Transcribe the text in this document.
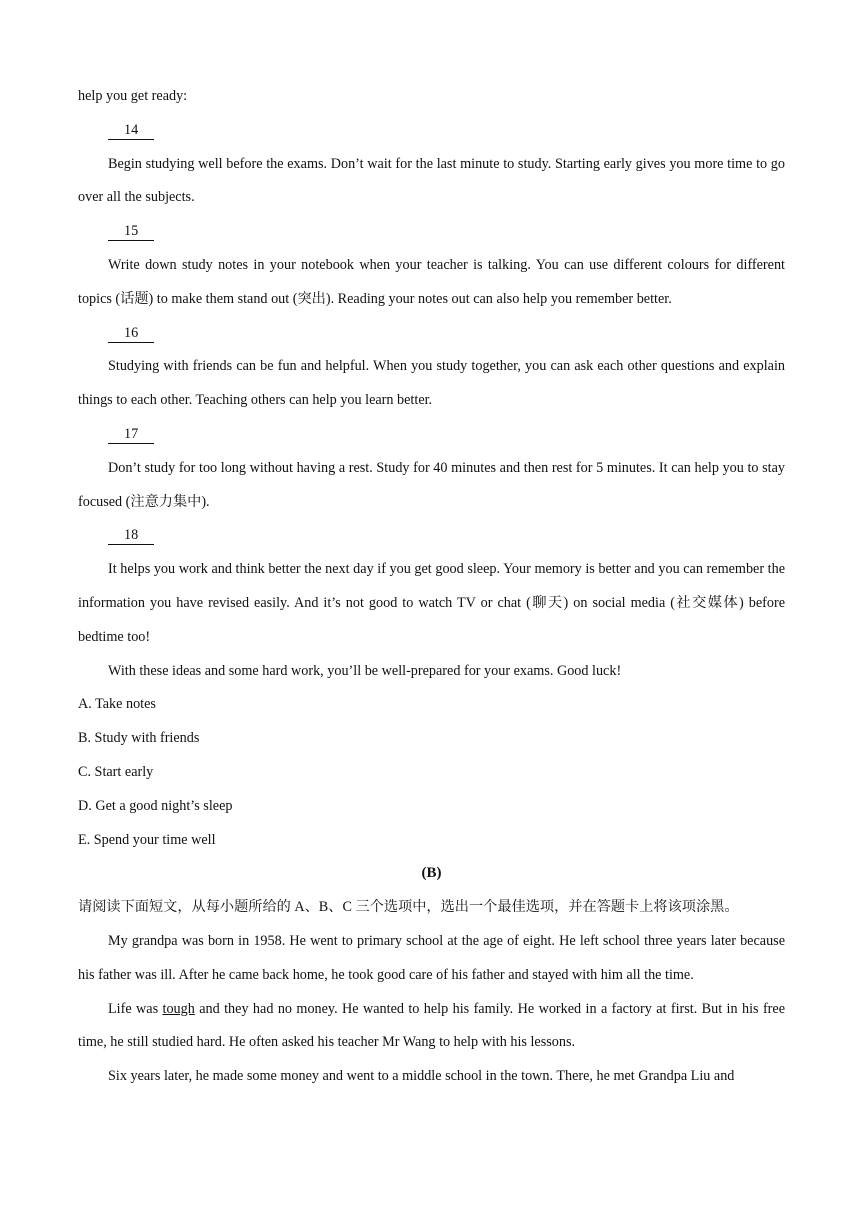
help you get ready:

14

Begin studying well before the exams. Don’t wait for the last minute to study. Starting early gives you more time to go over all the subjects.

15

Write down study notes in your notebook when your teacher is talking. You can use different colours for different topics (话题) to make them stand out (突出). Reading your notes out can also help you remember better.

16

Studying with friends can be fun and helpful. When you study together, you can ask each other questions and explain things to each other. Teaching others can help you learn better.

17

Don’t study for too long without having a rest. Study for 40 minutes and then rest for 5 minutes. It can help you to stay focused (注意力集中).

18

It helps you work and think better the next day if you get good sleep. Your memory is better and you can remember the information you have revised easily. And it’s not good to watch TV or chat (聊天) on social media (社交媒体) before bedtime too!

With these ideas and some hard work, you’ll be well-prepared for your exams. Good luck!

A. Take notes

B. Study with friends

C. Start early

D. Get a good night’s sleep

E. Spend your time well

(B)

请阅读下面短文，从每小题所给的 A、B、C 三个选项中，选出一个最佳选项，并在答题卡上将该项涂黑。

My grandpa was born in 1958. He went to primary school at the age of eight. He left school three years later because his father was ill. After he came back home, he took good care of his father and stayed with him all the time.

Life was tough and they had no money. He wanted to help his family. He worked in a factory at first. But in his free time, he still studied hard. He often asked his teacher Mr Wang to help with his lessons.

Six years later, he made some money and went to a middle school in the town. There, he met Grandpa Liu and
